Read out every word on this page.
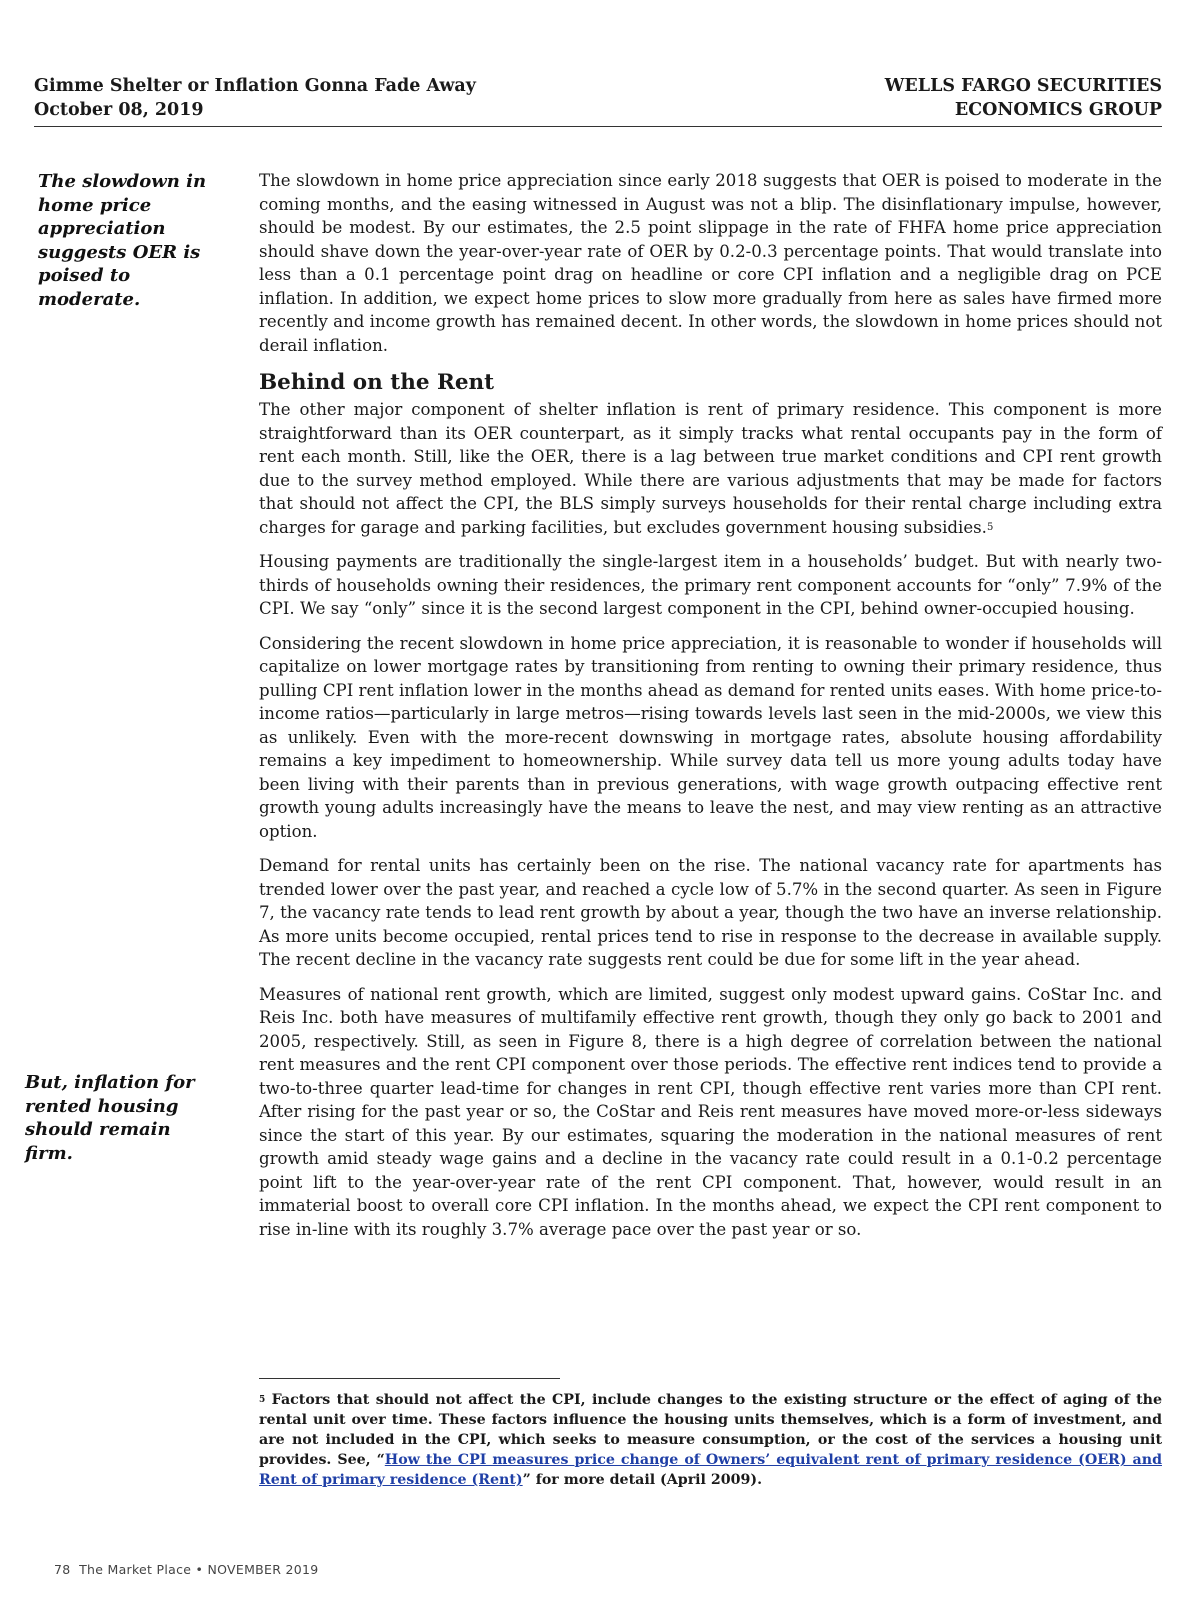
Gimme Shelter or Inflation Gonna Fade Away
October 08, 2019
WELLS FARGO SECURITIES
ECONOMICS GROUP
The slowdown in home price appreciation suggests OER is poised to moderate.
But, inflation for rented housing should remain firm.

The slowdown in home price appreciation since early 2018 suggests that OER is poised to moderate in the coming months, and the easing witnessed in August was not a blip. The disinflationary impulse, however, should be modest. By our estimates, the 2.5 point slippage in the rate of FHFA home price appreciation should shave down the year-over-year rate of OER by 0.2-0.3 percentage points. That would translate into less than a 0.1 percentage point drag on headline or core CPI inflation and a negligible drag on PCE inflation. In addition, we expect home prices to slow more gradually from here as sales have firmed more recently and income growth has remained decent. In other words, the slowdown in home prices should not derail inflation.

Behind on the Rent

The other major component of shelter inflation is rent of primary residence. This component is more straightforward than its OER counterpart, as it simply tracks what rental occupants pay in the form of rent each month. Still, like the OER, there is a lag between true market conditions and CPI rent growth due to the survey method employed. While there are various adjustments that may be made for factors that should not affect the CPI, the BLS simply surveys households for their rental charge including extra charges for garage and parking facilities, but excludes government housing subsidies.$^5$

Housing payments are traditionally the single-largest item in a households’ budget. But with nearly two-thirds of households owning their residences, the primary rent component accounts for “only” 7.9% of the CPI. We say “only” since it is the second largest component in the CPI, behind owner-occupied housing.

Considering the recent slowdown in home price appreciation, it is reasonable to wonder if households will capitalize on lower mortgage rates by transitioning from renting to owning their primary residence, thus pulling CPI rent inflation lower in the months ahead as demand for rented units eases. With home price-to-income ratios—particularly in large metros—rising towards levels last seen in the mid-2000s, we view this as unlikely. Even with the more-recent downswing in mortgage rates, absolute housing affordability remains a key impediment to homeownership. While survey data tell us more young adults today have been living with their parents than in previous generations, with wage growth outpacing effective rent growth young adults increasingly have the means to leave the nest, and may view renting as an attractive option.

Demand for rental units has certainly been on the rise. The national vacancy rate for apartments has trended lower over the past year, and reached a cycle low of 5.7% in the second quarter. As seen in Figure 7, the vacancy rate tends to lead rent growth by about a year, though the two have an inverse relationship. As more units become occupied, rental prices tend to rise in response to the decrease in available supply. The recent decline in the vacancy rate suggests rent could be due for some lift in the year ahead.

Measures of national rent growth, which are limited, suggest only modest upward gains. CoStar Inc. and Reis Inc. both have measures of multifamily effective rent growth, though they only go back to 2001 and 2005, respectively. Still, as seen in Figure 8, there is a high degree of correlation between the national rent measures and the rent CPI component over those periods. The effective rent indices tend to provide a two-to-three quarter lead-time for changes in rent CPI, though effective rent varies more than CPI rent. After rising for the past year or so, the CoStar and Reis rent measures have moved more-or-less sideways since the start of this year. By our estimates, squaring the moderation in the national measures of rent growth amid steady wage gains and a decline in the vacancy rate could result in a 0.1-0.2 percentage point lift to the year-over-year rate of the rent CPI component. That, however, would result in an immaterial boost to overall core CPI inflation. In the months ahead, we expect the CPI rent component to rise in-line with its roughly 3.7% average pace over the past year or so.

5 Factors that should not affect the CPI, include changes to the existing structure or the effect of aging of the rental unit over time. These factors influence the housing units themselves, which is a form of investment, and are not included in the CPI, which seeks to measure consumption, or the cost of the services a housing unit provides. See, “How the CPI measures price change of Owners’ equivalent rent of primary residence (OER) and Rent of primary residence (Rent)” for more detail (April 2009).
78 The Market Place • NOVEMBER 2019
